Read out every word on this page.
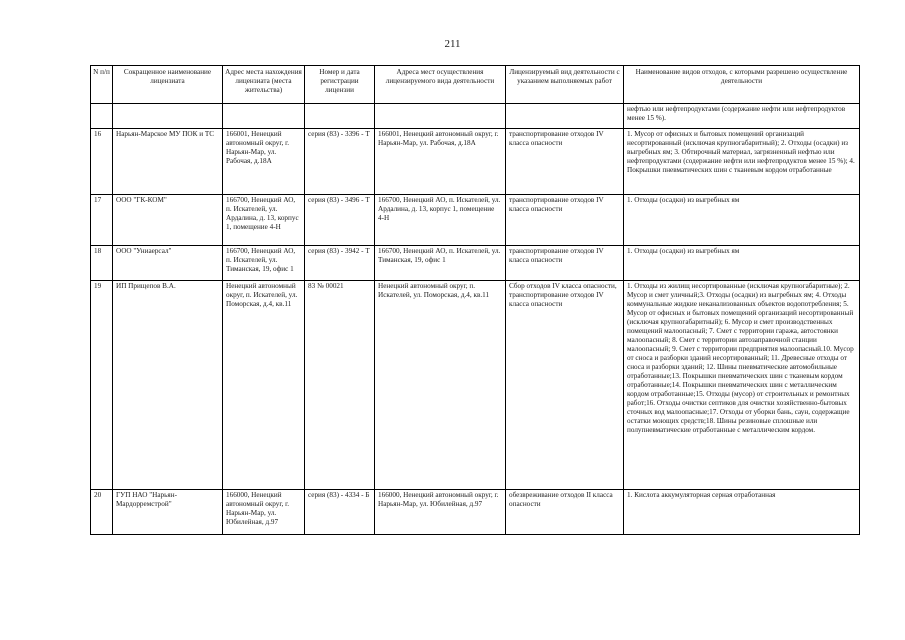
211
N п/п	Сокращенное наименование лицензиата	Адрес места нахождения лицензиата (места жительства)	Номер и дата регистрации лицензии	Адреса мест осуществления лицензируемого вида деятельности	Лицензируемый вид деятельности с указанием выполняемых работ	Наименование видов отходов, с которыми разрешено осуществление деятельности
						нефтью или нефтепродуктами (содержание нефти или нефтепродуктов менее 15 %).
16	Нарьян-Марское МУ ПОК и ТС	166001, Ненецкий автономный округ, г. Нарьян-Мар, ул. Рабочая, д.18А	серия (83) - 3396 - Т	166001, Ненецкий автономный округ, г. Нарьян-Мар, ул. Рабочая, д.18А	транспортирование отходов IV класса опасности	1. Мусор от офисных и бытовых помещений организаций несортированный (исключая крупногабаритный); 2. Отходы (осадки) из выгребных ям; 3. Обтирочный материал, загрязненный нефтью или нефтепродуктами (содержание нефти или нефтепродуктов менее 15 %); 4. Покрышки пневматических шин с тканевым кордом отработанные
17	ООО "ГК-КОМ"	166700, Ненецкий АО, п. Искателей, ул. Ардалина, д. 13, корпус 1, помещение 4-Н	серия (83) - 3496 - Т	166700, Ненецкий АО, п. Искателей, ул. Ардалина, д. 13, корпус 1, помещение 4-Н	транспортирование отходов IV класса опасности	1. Отходы (осадки) из выгребных ям
18	ООО "Униаерсал"	166700, Ненецкий АО, п. Искателей, ул. Тиманская, 19, офис 1	серия (83) - 3942 - Т	166700, Ненецкий АО, п. Искателей, ул. Тиманская, 19, офис 1	транспортирование отходов IV класса опасности	1. Отходы (осадки) из выгребных ям
19	ИП Прищепов В.А.	Ненецкий автономный округ, п. Искателей, ул. Поморская, д.4, кв.11	83 № 00021	Ненецкий автономный округ, п. Искателей, ул. Поморская, д.4, кв.11	Сбор отходов IV класса опасности, транспортирование отходов IV класса опасности	1. Отходы из жилищ несортированные (исключая крупногабаритные); 2. Мусор и смет уличный;3. Отходы (осадки) из выгребных ям; 4. Отходы коммунальные жидкие неканализованных объектов водопотребления; 5. Мусор от офисных и бытовых помещений организаций несортированный (исключая крупногабаритный); 6. Мусор и смет производственных помещений малоопасный; 7. Смет с территории гаража, автостоянки малоопасный; 8. Смет с территории автозаправочной станции малоопасный; 9. Смет с территории предприятия малоопасный.10. Мусор от сноса и разборки зданий несортированный; 11. Древесные отходы от сноса и разборки зданий; 12. Шины пневматические автомобильные отработанные;13. Покрышки пневматических шин с тканевым кордом отработанные;14. Покрышки пневматических шин с металлическим кордом отработанные;15. Отходы (мусор) от строительных и ремонтных работ;16. Отходы очистки септиков для очистки хозяйственно-бытовых сточных вод малоопасные;17. Отходы от уборки бань, саун, содержащие остатки моющих средств;18. Шины резиновые сплошные или полупневматические отработанные с металлическим кордом.
20	ГУП НАО "Нарьян-Мардорремстрой"	166000, Ненецкий автономный округ, г. Нарьян-Мар, ул. Юбилейная, д.97	серия (83) - 4334 - Б	166000, Ненецкий автономный округ, г. Нарьян-Мар, ул. Юбилейная, д.97	обезвреживание отходов II класса опасности	1. Кислота аккумуляторная серная отработанная
